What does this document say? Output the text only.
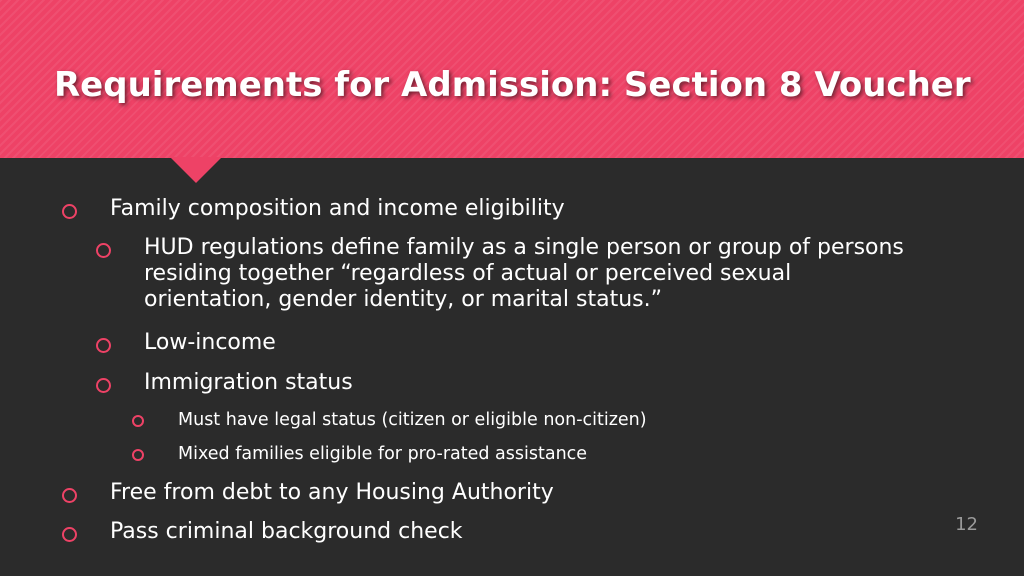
Requirements for Admission: Section 8 Voucher
Family composition and income eligibility
HUD regulations define family as a single person or group of persons residing together “regardless of actual or perceived sexual orientation, gender identity, or marital status.”
Low-income
Immigration status
Must have legal status (citizen or eligible non-citizen)
Mixed families eligible for pro-rated assistance
Free from debt to any Housing Authority
Pass criminal background check	12
